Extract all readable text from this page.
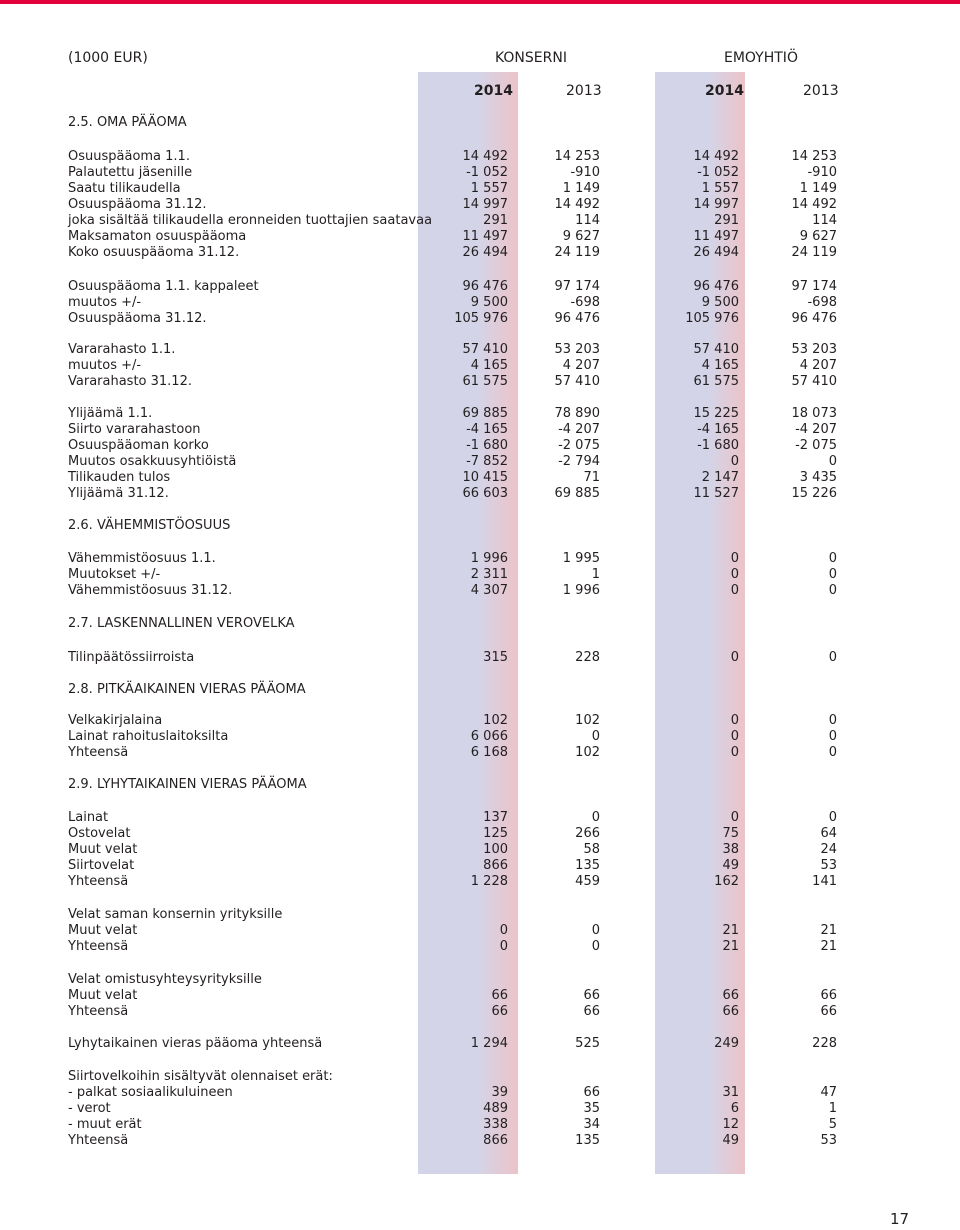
(1000 EUR)	KONSERNI	EMOYHTIÖ
2014	2013	2014	2013
2.5. OMA PÄÄOMA
Osuuspääoma 1.1.	14 492	14 253	14 492	14 253
Palautettu jäsenille	-1 052	-910	-1 052	-910
Saatu tilikaudella	1 557	1 149	1 557	1 149
Osuuspääoma 31.12.	14 997	14 492	14 997	14 492
joka sisältää tilikaudella eronneiden tuottajien saatavaa	291	114	291	114
Maksamaton osuuspääoma	11 497	9 627	11 497	9 627
Koko osuuspääoma 31.12.	26 494	24 119	26 494	24 119
Osuuspääoma 1.1. kappaleet	96 476	97 174	96 476	97 174
muutos +/-	9 500	-698	9 500	-698
Osuuspääoma 31.12.	105 976	96 476	105 976	96 476
Vararahasto 1.1.	57 410	53 203	57 410	53 203
muutos +/-	4 165	4 207	4 165	4 207
Vararahasto 31.12.	61 575	57 410	61 575	57 410
Ylijäämä 1.1.	69 885	78 890	15 225	18 073
Siirto vararahastoon	-4 165	-4 207	-4 165	-4 207
Osuuspääoman korko	-1 680	-2 075	-1 680	-2 075
Muutos osakkuusyhtiöistä	-7 852	-2 794	0	0
Tilikauden tulos	10 415	71	2 147	3 435
Ylijäämä 31.12.	66 603	69 885	11 527	15 226
2.6. VÄHEMMISTÖOSUUS
Vähemmistöosuus 1.1.	1 996	1 995	0	0
Muutokset +/-	2 311	1	0	0
Vähemmistöosuus 31.12.	4 307	1 996	0	0
2.7. LASKENNALLINEN VEROVELKA
Tilinpäätössiirroista	315	228	0	0
2.8. PITKÄAIKAINEN VIERAS PÄÄOMA
Velkakirjalaina	102	102	0	0
Lainat rahoituslaitoksilta	6 066	0	0	0
Yhteensä	6 168	102	0	0
2.9. LYHYTAIKAINEN VIERAS PÄÄOMA
Lainat	137	0	0	0
Ostovelat	125	266	75	64
Muut velat	100	58	38	24
Siirtovelat	866	135	49	53
Yhteensä	1 228	459	162	141
Velat saman konsernin yrityksille
Muut velat	0	0	21	21
Yhteensä	0	0	21	21
Velat omistusyhteysyrityksille
Muut velat	66	66	66	66
Yhteensä	66	66	66	66
Lyhytaikainen vieras pääoma yhteensä	1 294	525	249	228
Siirtovelkoihin sisältyvät olennaiset erät:
- palkat sosiaalikuluineen	39	66	31	47
- verot	489	35	6	1
- muut erät	338	34	12	5
Yhteensä	866	135	49	53
17
